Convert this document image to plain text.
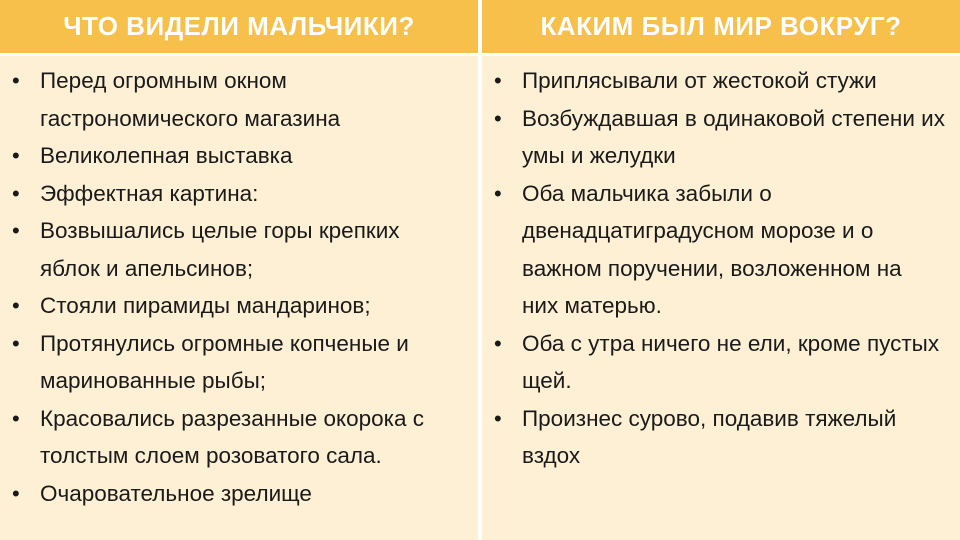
ЧТО ВИДЕЛИ МАЛЬЧИКИ?	КАКИМ БЫЛ МИР ВОКРУГ?
• Перед огромным окном гастрономического магазина
• Великолепная выставка
• Эффектная картина:
• Возвышались целые горы крепких яблок и апельсинов;
• Стояли пирамиды мандаринов;
• Протянулись огромные копченые и маринованные рыбы;
• Красовались разрезанные окорока с толстым слоем розоватого сала.
• Очаровательное зрелище
• Приплясывали от жестокой стужи
• Возбуждавшая в одинаковой степени их умы и желудки
• Оба мальчика забыли о двенадцатиградусном морозе и о важном поручении, возложенном на них матерью.
• Оба с утра ничего не ели, кроме пустых щей.
• Произнес сурово, подавив тяжелый вздох
